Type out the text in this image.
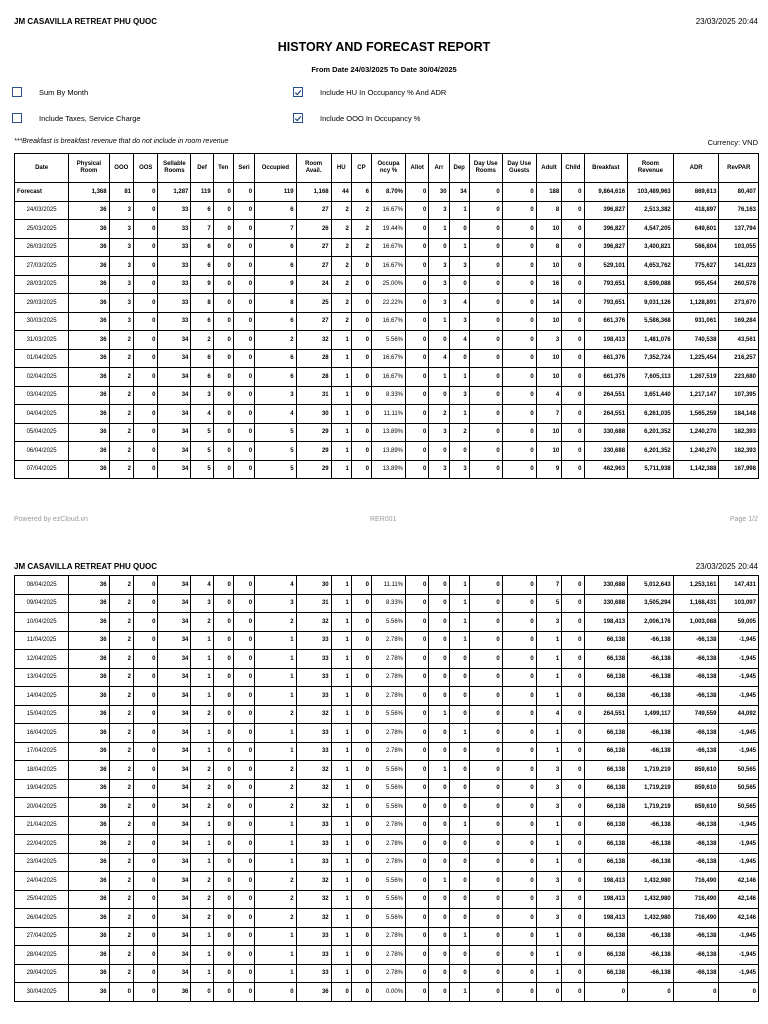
JM CASAVILLA RETREAT PHU QUOC	23/03/2025 20:44
HISTORY AND FORECAST REPORT
From Date 24/03/2025 To Date 30/04/2025
Sum By Month
Include Taxes, Service Charge
Include HU In Occupancy % And ADR
Include OOO In Occupancy %
***Breakfast is breakfast revenue that do not include in room revenue	Currency: VND
Date	Physical Room	OOO	OOS	Sellable Rooms	Def	Ten	Seri	Occupied	Room Avail.	HU	CP	Occupa ncy %	Allot	Arr	Dep	Day Use Rooms	Day Use Guests	Adult	Child	Breakfast	Room Revenue	ADR	RevPAR
Forecast	1,368	81	0	1,287	119	0	0	119	1,168	44	6	8.70%	0	30	34	0	0	188	0	9,864,616	103,489,963	869,613	80,407
24/03/2025	36	3	0	33	6	0	0	6	27	2	2	16.67%	0	3	1	0	0	8	0	396,827	2,513,382	418,897	76,163
25/03/2025	36	3	0	33	7	0	0	7	26	2	2	19.44%	0	1	0	0	0	10	0	396,827	4,547,205	649,601	137,794
26/03/2025	36	3	0	33	6	0	0	6	27	2	2	16.67%	0	0	1	0	0	8	0	396,827	3,400,821	566,804	103,055
27/03/2025	36	3	0	33	6	0	0	6	27	2	0	16.67%	0	3	3	0	0	10	0	529,101	4,653,762	775,627	141,023
28/03/2025	36	3	0	33	9	0	0	9	24	2	0	25.00%	0	3	0	0	0	16	0	793,651	8,599,088	955,454	260,578
29/03/2025	36	3	0	33	8	0	0	8	25	2	0	22.22%	0	3	4	0	0	14	0	793,651	9,031,126	1,128,891	273,670
30/03/2025	36	3	0	33	6	0	0	6	27	2	0	16.67%	0	1	3	0	0	10	0	661,376	5,586,368	931,061	169,284
31/03/2025	36	2	0	34	2	0	0	2	32	1	0	5.56%	0	0	4	0	0	3	0	198,413	1,481,076	740,538	43,561
01/04/2025	36	2	0	34	6	0	0	6	28	1	0	16.67%	0	4	0	0	0	10	0	661,376	7,352,724	1,225,454	216,257
02/04/2025	36	2	0	34	6	0	0	6	28	1	0	16.67%	0	1	1	0	0	10	0	661,376	7,605,113	1,267,519	223,680
03/04/2025	36	2	0	34	3	0	0	3	31	1	0	8.33%	0	0	3	0	0	4	0	264,551	3,651,440	1,217,147	107,395
04/04/2025	36	2	0	34	4	0	0	4	30	1	0	11.11%	0	2	1	0	0	7	0	264,551	6,261,035	1,565,259	184,148
05/04/2025	36	2	0	34	5	0	0	5	29	1	0	13.89%	0	3	2	0	0	10	0	330,688	6,201,352	1,240,270	182,393
06/04/2025	36	2	0	34	5	0	0	5	29	1	0	13.89%	0	0	0	0	0	10	0	330,688	6,201,352	1,240,270	182,393
07/04/2025	36	2	0	34	5	0	0	5	29	1	0	13.89%	0	3	3	0	0	9	0	462,963	5,711,938	1,142,388	167,998
Powered by ezCloud.vn	RER001	Page 1/2
JM CASAVILLA RETREAT PHU QUOC	23/03/2025 20:44
08/04/2025	36	2	0	34	4	0	0	4	30	1	0	11.11%	0	0	1	0	0	7	0	330,688	5,012,643	1,253,161	147,431
09/04/2025	36	2	0	34	3	0	0	3	31	1	0	8.33%	0	0	1	0	0	5	0	330,688	3,505,294	1,168,431	103,097
10/04/2025	36	2	0	34	2	0	0	2	32	1	0	5.56%	0	0	1	0	0	3	0	198,413	2,006,176	1,003,088	59,005
11/04/2025	36	2	0	34	1	0	0	1	33	1	0	2.78%	0	0	1	0	0	1	0	66,138	-66,138	-66,138	-1,945
12/04/2025	36	2	0	34	1	0	0	1	33	1	0	2.78%	0	0	0	0	0	1	0	66,138	-66,138	-66,138	-1,945
13/04/2025	36	2	0	34	1	0	0	1	33	1	0	2.78%	0	0	0	0	0	1	0	66,138	-66,138	-66,138	-1,945
14/04/2025	36	2	0	34	1	0	0	1	33	1	0	2.78%	0	0	0	0	0	1	0	66,138	-66,138	-66,138	-1,945
15/04/2025	36	2	0	34	2	0	0	2	32	1	0	5.56%	0	1	0	0	0	4	0	264,551	1,499,117	749,559	44,092
16/04/2025	36	2	0	34	1	0	0	1	33	1	0	2.78%	0	0	1	0	0	1	0	66,138	-66,138	-66,138	-1,945
17/04/2025	36	2	0	34	1	0	0	1	33	1	0	2.78%	0	0	0	0	0	1	0	66,138	-66,138	-66,138	-1,945
18/04/2025	36	2	0	34	2	0	0	2	32	1	0	5.56%	0	1	0	0	0	3	0	66,138	1,719,219	859,610	50,565
19/04/2025	36	2	0	34	2	0	0	2	32	1	0	5.56%	0	0	0	0	0	3	0	66,138	1,719,219	859,610	50,565
20/04/2025	36	2	0	34	2	0	0	2	32	1	0	5.56%	0	0	0	0	0	3	0	66,138	1,719,219	859,610	50,565
21/04/2025	36	2	0	34	1	0	0	1	33	1	0	2.78%	0	0	1	0	0	1	0	66,138	-66,138	-66,138	-1,945
22/04/2025	36	2	0	34	1	0	0	1	33	1	0	2.78%	0	0	0	0	0	1	0	66,138	-66,138	-66,138	-1,945
23/04/2025	36	2	0	34	1	0	0	1	33	1	0	2.78%	0	0	0	0	0	1	0	66,138	-66,138	-66,138	-1,945
24/04/2025	36	2	0	34	2	0	0	2	32	1	0	5.56%	0	1	0	0	0	3	0	198,413	1,432,980	716,490	42,146
25/04/2025	36	2	0	34	2	0	0	2	32	1	0	5.56%	0	0	0	0	0	3	0	198,413	1,432,980	716,490	42,146
26/04/2025	36	2	0	34	2	0	0	2	32	1	0	5.56%	0	0	0	0	0	3	0	198,413	1,432,980	716,490	42,146
27/04/2025	36	2	0	34	1	0	0	1	33	1	0	2.78%	0	0	1	0	0	1	0	66,138	-66,138	-66,138	-1,945
28/04/2025	36	2	0	34	1	0	0	1	33	1	0	2.78%	0	0	0	0	0	1	0	66,138	-66,138	-66,138	-1,945
29/04/2025	36	2	0	34	1	0	0	1	33	1	0	2.78%	0	0	0	0	0	1	0	66,138	-66,138	-66,138	-1,945
30/04/2025	36	0	0	36	0	0	0	0	36	0	0	0.00%	0	0	1	0	0	0	0	0	0	0	0
